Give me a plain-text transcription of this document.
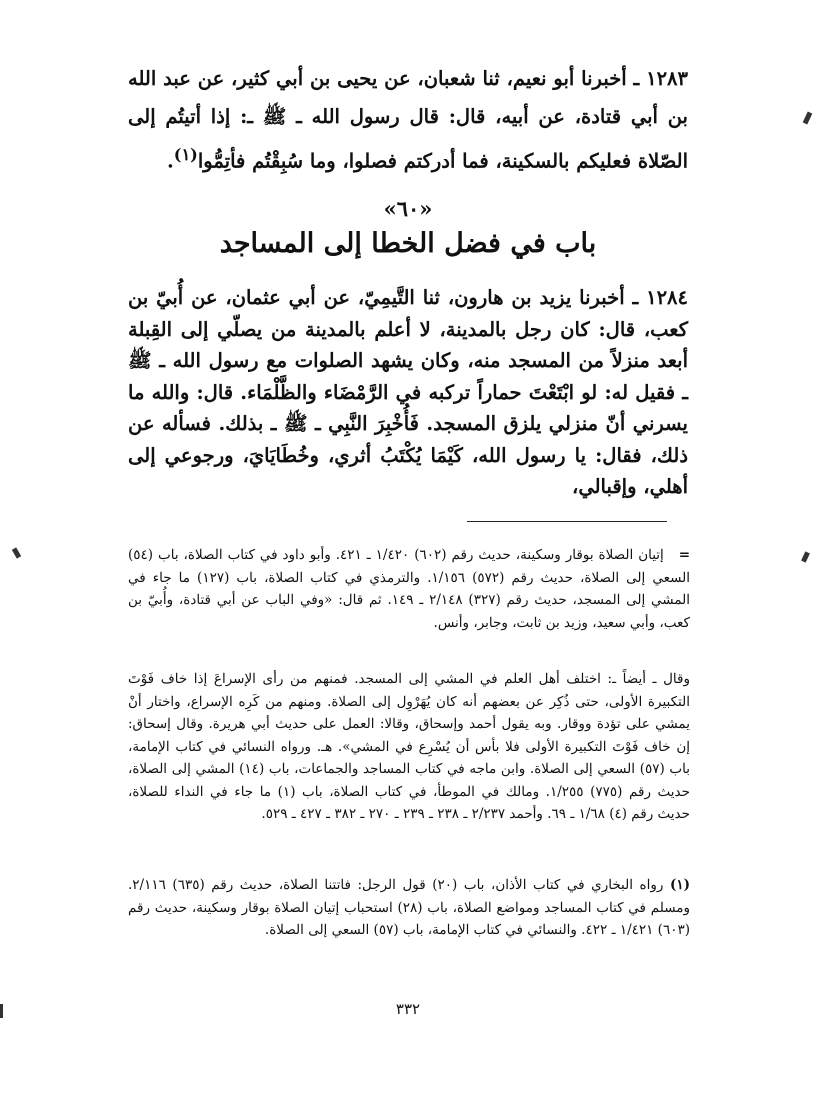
١٢٨٣ ـ أخبرنا أبو نعيم، ثنا شعبان، عن يحيى بن أبي كثير، عن عبد الله بن أبي قتادة، عن أبيه، قال: قال رسول الله ـ ﷺ ـ: إذا أتيتُم إلى الصّلاة فعليكم بالسكينة، فما أدركتم فصلوا، وما سُبِقْتُم فأتِمُّوا$^{(١)}$.

«٦٠»
باب في فضل الخطا إلى المساجد

١٢٨٤ ـ أخبرنا يزيد بن هارون، ثنا التَّيمِيّ، عن أبي عثمان، عن أُبيّ بن كعب، قال: كان رجل بالمدينة، لا أعلم بالمدينة من يصلّي إلى القِبلة أبعد منزلاً من المسجد منه، وكان يشهد الصلوات مع رسول الله ـ ﷺ ـ فقيل له: لو ابْتَعْتَ حماراً تركبه في الرَّمْضَاء والظَّلْمَاء. قال: والله ما يسرني أنّ منزلي يلزق المسجد. فَأُخْبِرَ النَّبِي ـ ﷺ ـ بذلك. فسأله عن ذلك، فقال: يا رسول الله، كَيْمَا يُكْتَبُ أثري، وخُطَايَايَ، ورجوعي إلى أهلي، وإقبالي،

=   إتيان الصلاة بوقار وسكينة، حديث رقم (٦٠٢) ١/٤٢٠ ـ ٤٢١. وأبو داود في كتاب الصلاة، باب (٥٤) السعي إلى الصلاة، حديث رقم (٥٧٢) ١/١٥٦. والترمذي في كتاب الصلاة، باب (١٢٧) ما جاء في المشي إلى المسجد، حديث رقم (٣٢٧) ٢/١٤٨ ـ ١٤٩. ثم قال: «وفي الباب عن أبي قتادة، وأُبيّ بن كعب، وأبي سعيد، وزيد بن ثابت، وجابر، وأنس.

وقال ـ أيضاً ـ: اختلف أهل العلم في المشي إلى المسجد. فمنهم من رأى الإسراعَ إذا خاف فَوْتَ التكبيرة الأولى، حتى ذُكِر عن بعضهم أنه كان يُهَرْوِل إلى الصلاة. ومنهم من كَرِه الإسراع، واختار أنْ يمشي على تؤدة ووقار. وبه يقول أحمد وإسحاق، وقالا: العمل على حديث أبي هريرة. وقال إسحاق: إن خاف فَوْتَ التكبيرة الأولى فلا بأس أن يُسْرِع في المشي». هـ. ورواه النسائي في كتاب الإمامة، باب (٥٧) السعي إلى الصلاة. وابن ماجه في كتاب المساجد والجماعات، باب (١٤) المشي إلى الصلاة، حديث رقم (٧٧٥) ١/٢٥٥. ومالك في الموطأ، في كتاب الصلاة، باب (١) ما جاء في النداء للصلاة، حديث رقم (٤) ١/٦٨ ـ ٦٩. وأحمد ٢/٢٣٧ ـ ٢٣٨ ـ ٢٣٩ ـ ٢٧٠ ـ ٣٨٢ ـ ٤٢٧ ـ ٥٢٩.

(١) رواه البخاري في كتاب الأذان، باب (٢٠) قول الرجل: فاتتنا الصلاة، حديث رقم (٦٣٥) ٢/١١٦. ومسلم في كتاب المساجد ومواضع الصلاة، باب (٢٨) استحباب إتيان الصلاة بوقار وسكينة، حديث رقم (٦٠٣) ١/٤٢١ ـ ٤٢٢. والنسائي في كتاب الإمامة، باب (٥٧) السعي إلى الصلاة.

٣٣٢
